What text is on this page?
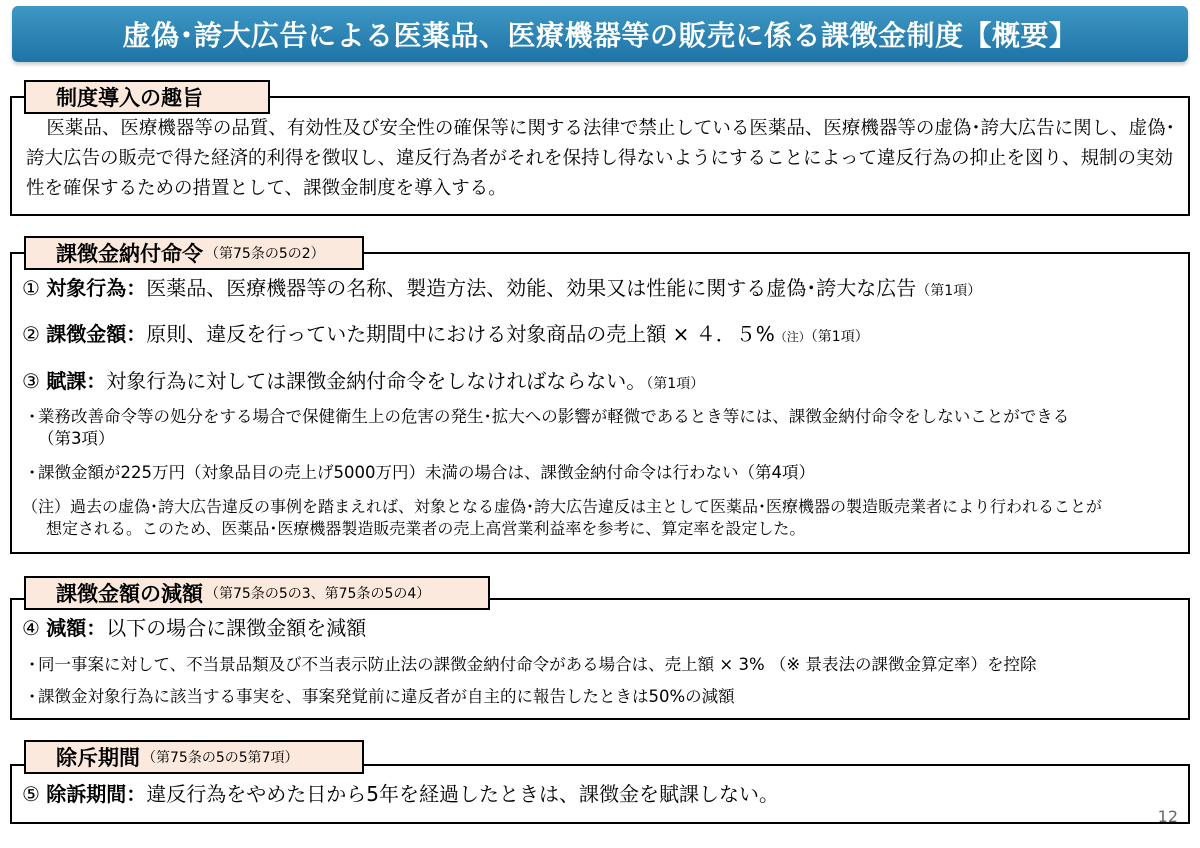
虚偽･誇大広告による医薬品、医療機器等の販売に係る課徴金制度【概要】
制度導入の趣旨
医薬品、医療機器等の品質、有効性及び安全性の確保等に関する法律で禁止している医薬品、医療機器等の虚偽･誇大広告に関し、虚偽･誇大広告の販売で得た経済的利得を徴収し、違反行為者がそれを保持し得ないようにすることによって違反行為の抑止を図り、規制の実効性を確保するための措置として、課徴金制度を導入する。
課徴金納付命令 （第75条の5の2）
① 対象行為：医薬品、医療機器等の名称、製造方法、効能、効果又は性能に関する虚偽･誇大な広告（第1項）
② 課徴金額：原則、違反を行っていた期間中における対象商品の売上額 × ４．５%（注）（第1項）
③ 賦課：対象行為に対しては課徴金納付命令をしなければならない。（第1項）
･ 業務改善命令等の処分をする場合で保健衛生上の危害の発生･拡大への影響が軽微であるとき等には、課徴金納付命令をしないことができる
（第3項）
･ 課徴金額が225万円（対象品目の売上げ5000万円）未満の場合は、課徴金納付命令は行わない（第4項）
（注）過去の虚偽･誇大広告違反の事例を踏まえれば、対象となる虚偽･誇大広告違反は主として医薬品･医療機器の製造販売業者により行われることが
想定される。このため、医薬品･医療機器製造販売業者の売上高営業利益率を参考に、算定率を設定した。
課徴金額の減額 （第75条の5の3、第75条の5の4）
④ 減額：以下の場合に課徴金額を減額
･ 同一事案に対して、不当景品類及び不当表示防止法の課徴金納付命令がある場合は、売上額 × 3% （※ 景表法の課徴金算定率）を控除
･ 課徴金対象行為に該当する事実を、事案発覚前に違反者が自主的に報告したときは50%の減額
除斥期間 （第75条の5の5第7項）
⑤ 除訴期間：違反行為をやめた日から5年を経過したときは、課徴金を賦課しない。
12
